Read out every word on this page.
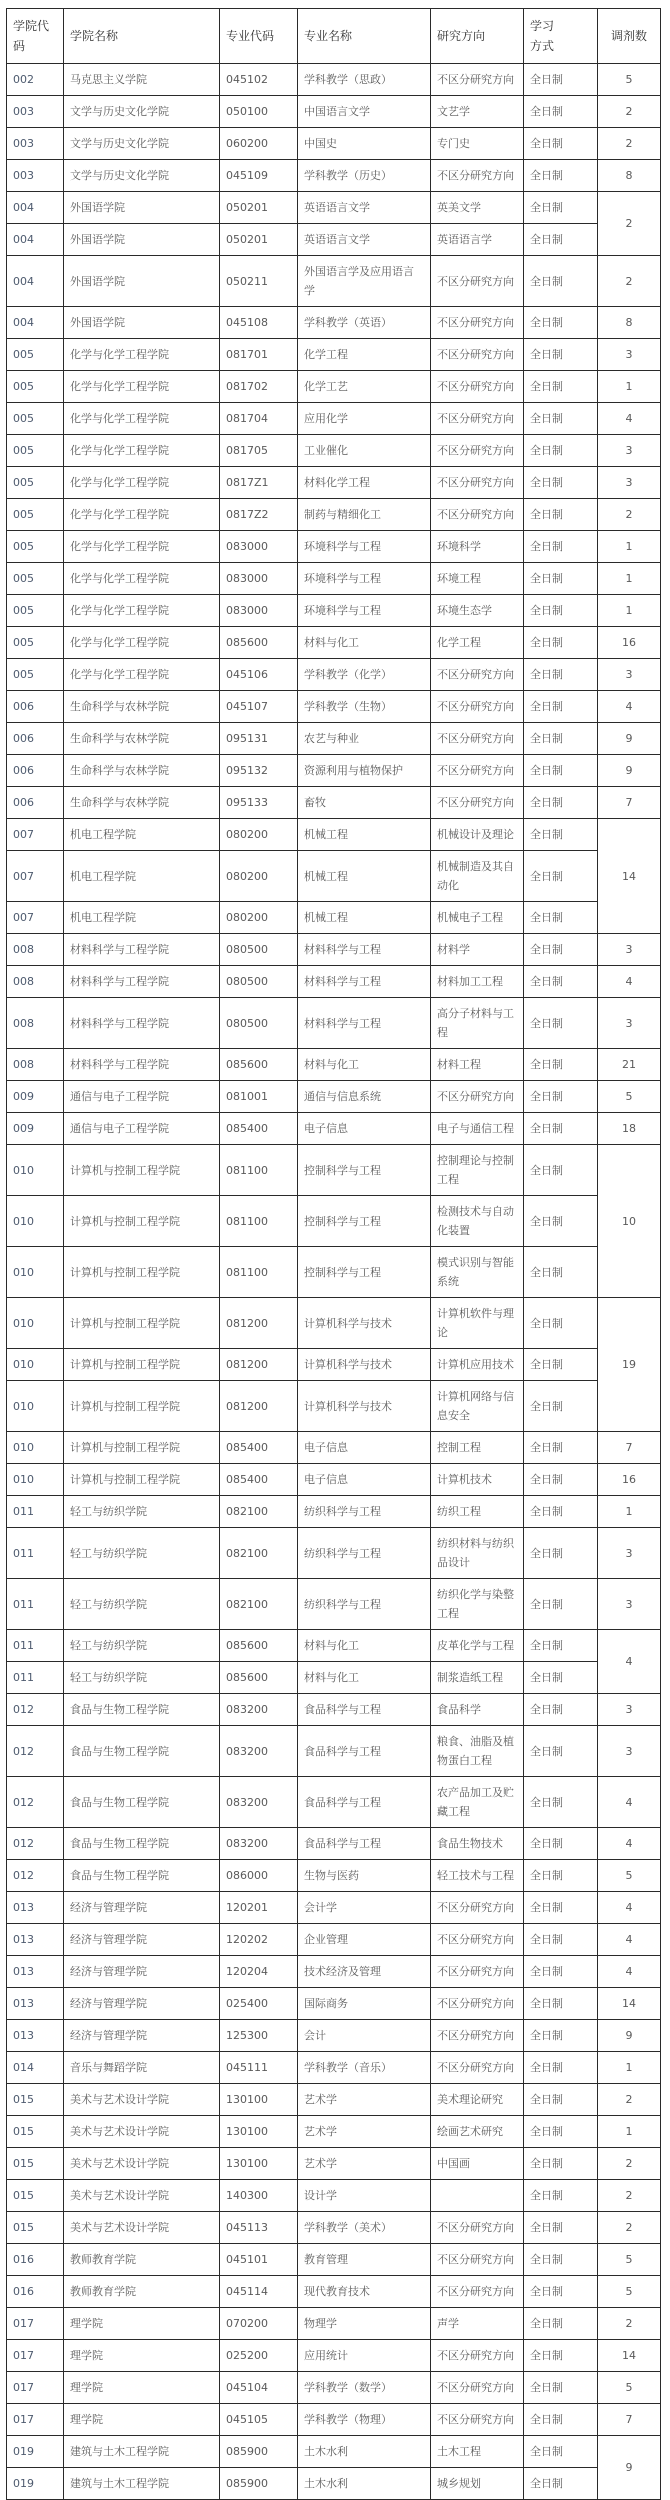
学院代码	学院名称	专业代码	专业名称	研究方向	学习方式	调剂数
002	马克思主义学院	045102	学科教学（思政）	不区分研究方向	全日制	5
003	文学与历史文化学院	050100	中国语言文学	文艺学	全日制	2
003	文学与历史文化学院	060200	中国史	专门史	全日制	2
003	文学与历史文化学院	045109	学科教学（历史）	不区分研究方向	全日制	8
004	外国语学院	050201	英语语言文学	英美文学	全日制	2
004	外国语学院	050201	英语语言文学	英语语言学	全日制	
004	外国语学院	050211	外国语言学及应用语言学	不区分研究方向	全日制	2
004	外国语学院	045108	学科教学（英语）	不区分研究方向	全日制	8
005	化学与化学工程学院	081701	化学工程	不区分研究方向	全日制	3
005	化学与化学工程学院	081702	化学工艺	不区分研究方向	全日制	1
005	化学与化学工程学院	081704	应用化学	不区分研究方向	全日制	4
005	化学与化学工程学院	081705	工业催化	不区分研究方向	全日制	3
005	化学与化学工程学院	0817Z1	材料化学工程	不区分研究方向	全日制	3
005	化学与化学工程学院	0817Z2	制药与精细化工	不区分研究方向	全日制	2
005	化学与化学工程学院	083000	环境科学与工程	环境科学	全日制	1
005	化学与化学工程学院	083000	环境科学与工程	环境工程	全日制	1
005	化学与化学工程学院	083000	环境科学与工程	环境生态学	全日制	1
005	化学与化学工程学院	085600	材料与化工	化学工程	全日制	16
005	化学与化学工程学院	045106	学科教学（化学）	不区分研究方向	全日制	3
006	生命科学与农林学院	045107	学科教学（生物）	不区分研究方向	全日制	4
006	生命科学与农林学院	095131	农艺与种业	不区分研究方向	全日制	9
006	生命科学与农林学院	095132	资源利用与植物保护	不区分研究方向	全日制	9
006	生命科学与农林学院	095133	畜牧	不区分研究方向	全日制	7
007	机电工程学院	080200	机械工程	机械设计及理论	全日制	14
007	机电工程学院	080200	机械工程	机械制造及其自动化	全日制	
007	机电工程学院	080200	机械工程	机械电子工程	全日制	
008	材料科学与工程学院	080500	材料科学与工程	材料学	全日制	3
008	材料科学与工程学院	080500	材料科学与工程	材料加工工程	全日制	4
008	材料科学与工程学院	080500	材料科学与工程	高分子材料与工程	全日制	3
008	材料科学与工程学院	085600	材料与化工	材料工程	全日制	21
009	通信与电子工程学院	081001	通信与信息系统	不区分研究方向	全日制	5
009	通信与电子工程学院	085400	电子信息	电子与通信工程	全日制	18
010	计算机与控制工程学院	081100	控制科学与工程	控制理论与控制工程	全日制	10
010	计算机与控制工程学院	081100	控制科学与工程	检测技术与自动化装置	全日制	
010	计算机与控制工程学院	081100	控制科学与工程	模式识别与智能系统	全日制	
010	计算机与控制工程学院	081200	计算机科学与技术	计算机软件与理论	全日制	19
010	计算机与控制工程学院	081200	计算机科学与技术	计算机应用技术	全日制	
010	计算机与控制工程学院	081200	计算机科学与技术	计算机网络与信息安全	全日制	
010	计算机与控制工程学院	085400	电子信息	控制工程	全日制	7
010	计算机与控制工程学院	085400	电子信息	计算机技术	全日制	16
011	轻工与纺织学院	082100	纺织科学与工程	纺织工程	全日制	1
011	轻工与纺织学院	082100	纺织科学与工程	纺织材料与纺织品设计	全日制	3
011	轻工与纺织学院	082100	纺织科学与工程	纺织化学与染整工程	全日制	3
011	轻工与纺织学院	085600	材料与化工	皮革化学与工程	全日制	4
011	轻工与纺织学院	085600	材料与化工	制浆造纸工程	全日制	
012	食品与生物工程学院	083200	食品科学与工程	食品科学	全日制	3
012	食品与生物工程学院	083200	食品科学与工程	粮食、油脂及植物蛋白工程	全日制	3
012	食品与生物工程学院	083200	食品科学与工程	农产品加工及贮藏工程	全日制	4
012	食品与生物工程学院	083200	食品科学与工程	食品生物技术	全日制	4
012	食品与生物工程学院	086000	生物与医药	轻工技术与工程	全日制	5
013	经济与管理学院	120201	会计学	不区分研究方向	全日制	4
013	经济与管理学院	120202	企业管理	不区分研究方向	全日制	4
013	经济与管理学院	120204	技术经济及管理	不区分研究方向	全日制	4
013	经济与管理学院	025400	国际商务	不区分研究方向	全日制	14
013	经济与管理学院	125300	会计	不区分研究方向	全日制	9
014	音乐与舞蹈学院	045111	学科教学（音乐）	不区分研究方向	全日制	1
015	美术与艺术设计学院	130100	艺术学	美术理论研究	全日制	2
015	美术与艺术设计学院	130100	艺术学	绘画艺术研究	全日制	1
015	美术与艺术设计学院	130100	艺术学	中国画	全日制	2
015	美术与艺术设计学院	140300	设计学		全日制	2
015	美术与艺术设计学院	045113	学科教学（美术）	不区分研究方向	全日制	2
016	教师教育学院	045101	教育管理	不区分研究方向	全日制	5
016	教师教育学院	045114	现代教育技术	不区分研究方向	全日制	5
017	理学院	070200	物理学	声学	全日制	2
017	理学院	025200	应用统计	不区分研究方向	全日制	14
017	理学院	045104	学科教学（数学）	不区分研究方向	全日制	5
017	理学院	045105	学科教学（物理）	不区分研究方向	全日制	7
019	建筑与土木工程学院	085900	土木水利	土木工程	全日制	9
019	建筑与土木工程学院	085900	土木水利	城乡规划	全日制	
